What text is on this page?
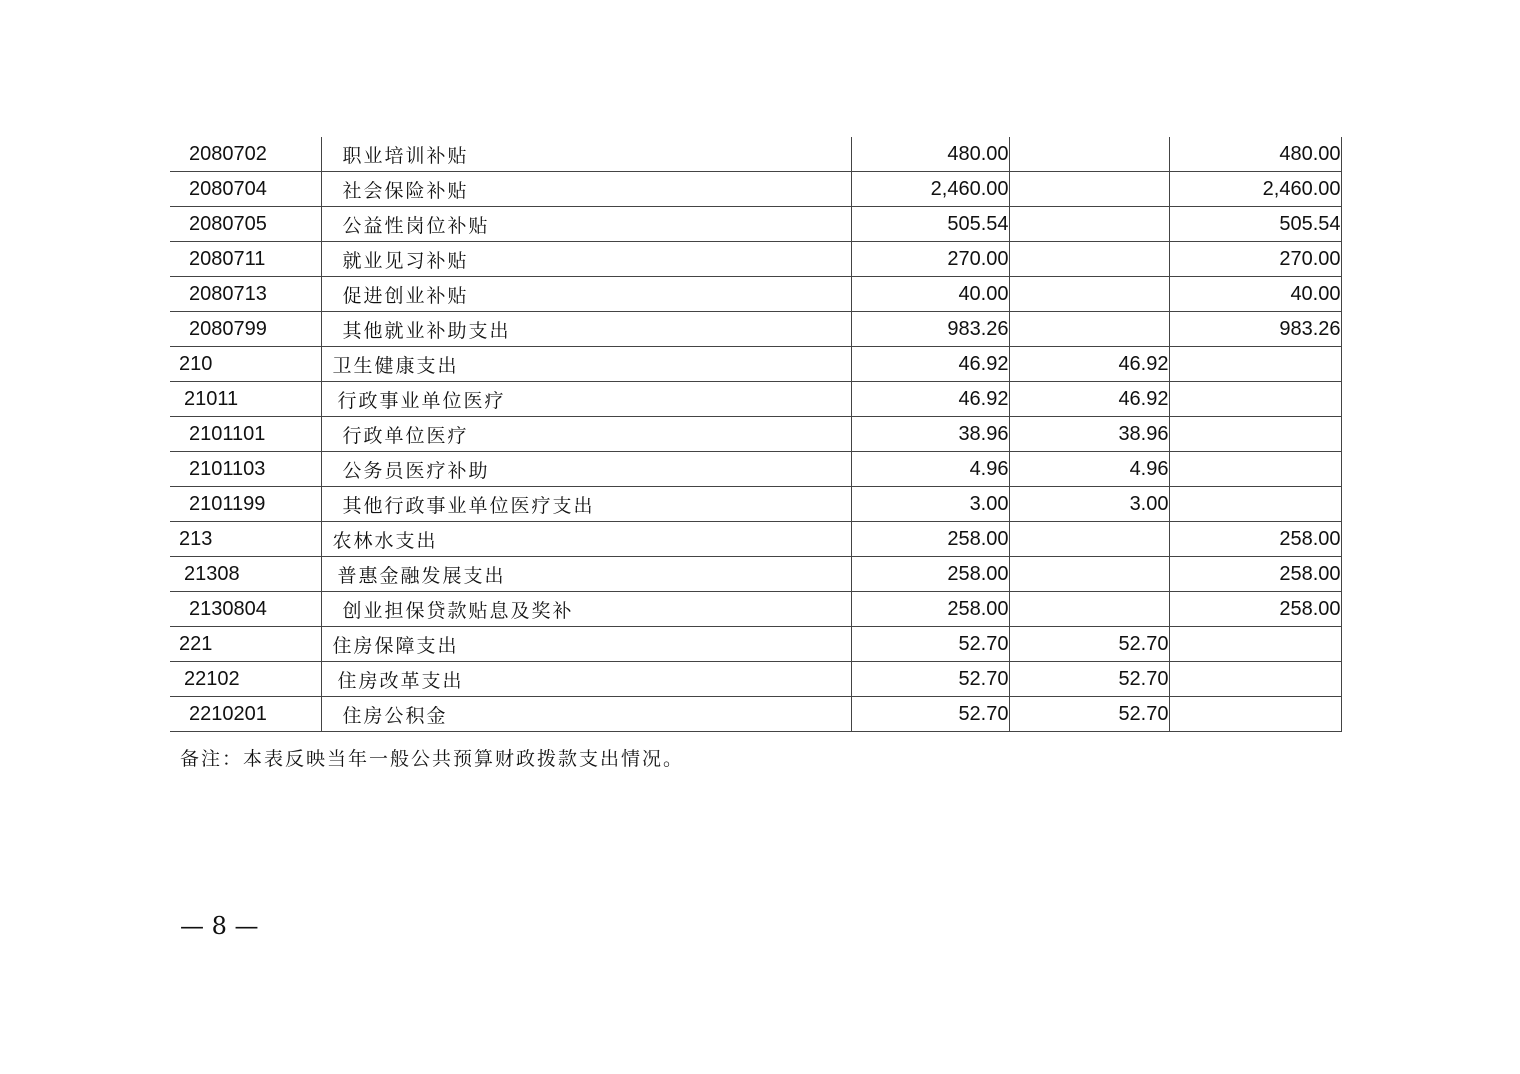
2080702	职业培训补贴	480.00		480.00
2080704	社会保险补贴	2,460.00		2,460.00
2080705	公益性岗位补贴	505.54		505.54
2080711	就业见习补贴	270.00		270.00
2080713	促进创业补贴	40.00		40.00
2080799	其他就业补助支出	983.26		983.26
210	卫生健康支出	46.92	46.92	
21011	行政事业单位医疗	46.92	46.92	
2101101	行政单位医疗	38.96	38.96	
2101103	公务员医疗补助	4.96	4.96	
2101199	其他行政事业单位医疗支出	3.00	3.00	
213	农林水支出	258.00		258.00
21308	普惠金融发展支出	258.00		258.00
2130804	创业担保贷款贴息及奖补	258.00		258.00
221	住房保障支出	52.70	52.70	
22102	住房改革支出	52.70	52.70	
2210201	住房公积金	52.70	52.70	
备注：本表反映当年一般公共预算财政拨款支出情况。
— 8 —
